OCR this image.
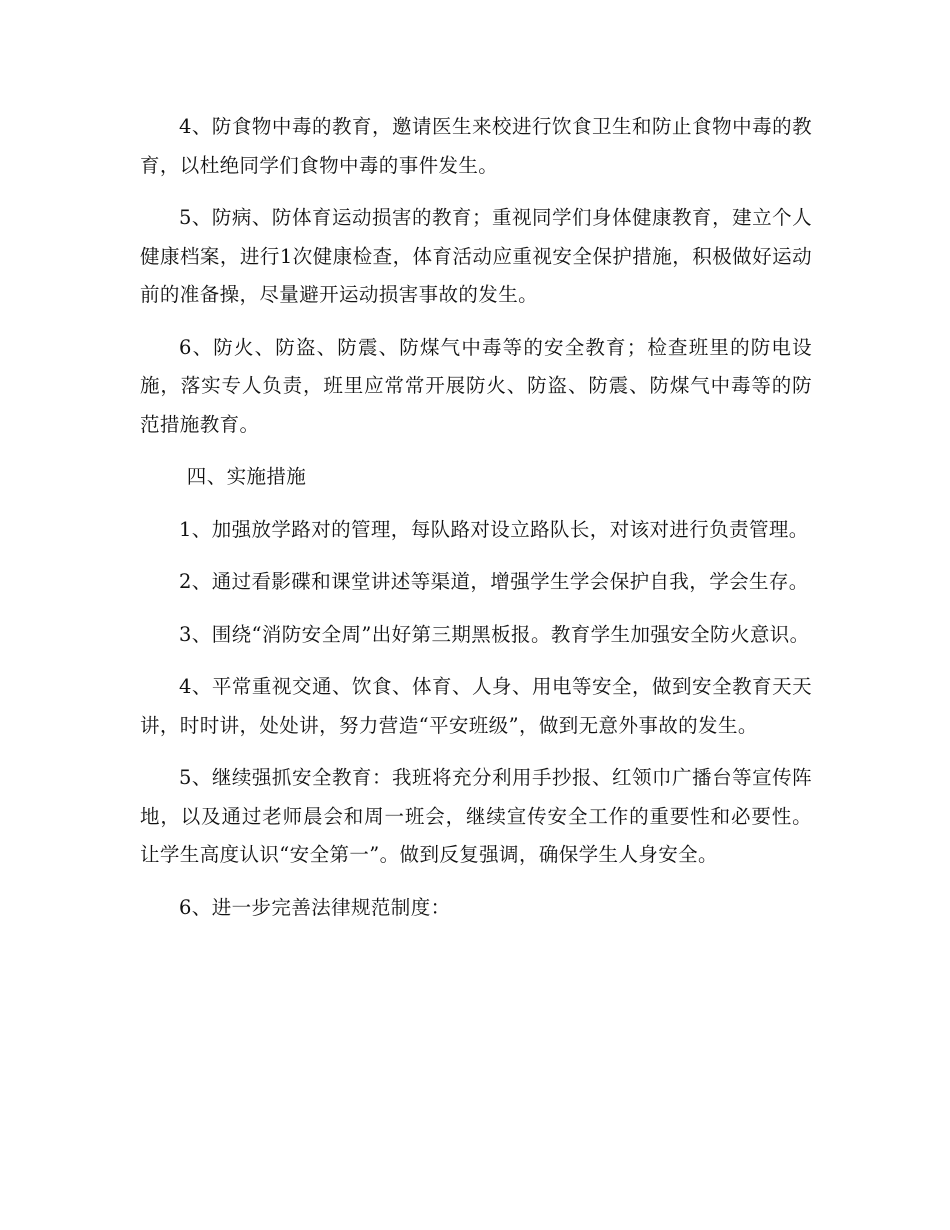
4、防食物中毒的教育，邀请医生来校进行饮食卫生和防止食物中毒的教育，以杜绝同学们食物中毒的事件发生。

5、防病、防体育运动损害的教育；重视同学们身体健康教育，建立个人健康档案，进行1次健康检查，体育活动应重视安全保护措施，积极做好运动前的准备操，尽量避开运动损害事故的发生。

6、防火、防盗、防震、防煤气中毒等的安全教育；检查班里的防电设施，落实专人负责，班里应常常开展防火、防盗、防震、防煤气中毒等的防范措施教育。

四、实施措施

1、加强放学路对的管理，每队路对设立路队长，对该对进行负责管理。

2、通过看影碟和课堂讲述等渠道，增强学生学会保护自我，学会生存。

3、围绕“消防安全周”出好第三期黑板报。教育学生加强安全防火意识。

4、平常重视交通、饮食、体育、人身、用电等安全，做到安全教育天天讲，时时讲，处处讲，努力营造“平安班级”，做到无意外事故的发生。

5、继续强抓安全教育：我班将充分利用手抄报、红领巾广播台等宣传阵地，以及通过老师晨会和周一班会，继续宣传安全工作的重要性和必要性。让学生高度认识“安全第一”。做到反复强调，确保学生人身安全。

6、进一步完善法律规范制度：
